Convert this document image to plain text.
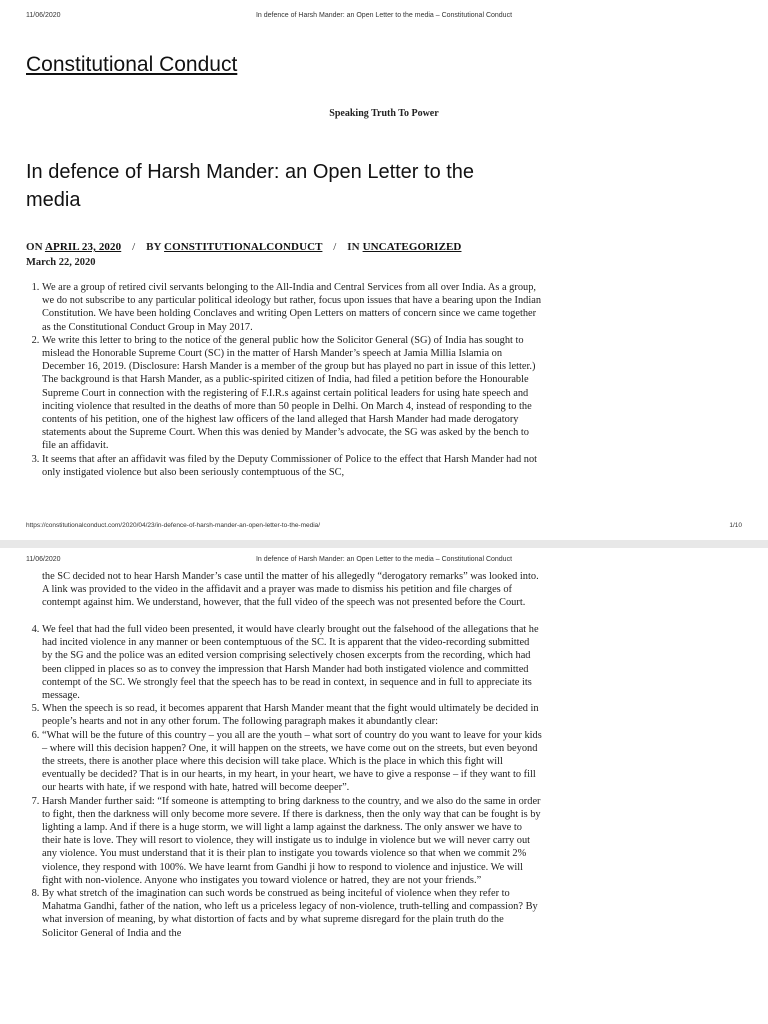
11/06/2020	In defence of Harsh Mander: an Open Letter to the media – Constitutional Conduct
Constitutional Conduct
Speaking Truth To Power
In defence of Harsh Mander: an Open Letter to the media
ON APRIL 23, 2020 / BY CONSTITUTIONALCONDUCT / IN UNCATEGORIZED
March 22, 2020
1. We are a group of retired civil servants belonging to the All-India and Central Services from all over India. As a group, we do not subscribe to any particular political ideology but rather, focus upon issues that have a bearing upon the Indian Constitution. We have been holding Conclaves and writing Open Letters on matters of concern since we came together as the Constitutional Conduct Group in May 2017.
2. We write this letter to bring to the notice of the general public how the Solicitor General (SG) of India has sought to mislead the Honorable Supreme Court (SC) in the matter of Harsh Mander’s speech at Jamia Millia Islamia on December 16, 2019. (Disclosure: Harsh Mander is a member of the group but has played no part in issue of this letter.) The background is that Harsh Mander, as a public-spirited citizen of India, had filed a petition before the Honourable Supreme Court in connection with the registering of F.I.R.s against certain political leaders for using hate speech and inciting violence that resulted in the deaths of more than 50 people in Delhi. On March 4, instead of responding to the contents of his petition, one of the highest law officers of the land alleged that Harsh Mander had made derogatory statements about the Supreme Court. When this was denied by Mander’s advocate, the SG was asked by the bench to file an affidavit.
3. It seems that after an affidavit was filed by the Deputy Commissioner of Police to the effect that Harsh Mander had not only instigated violence but also been seriously contemptuous of the SC,
https://constitutionalconduct.com/2020/04/23/in-defence-of-harsh-mander-an-open-letter-to-the-media/	1/10
11/06/2020	In defence of Harsh Mander: an Open Letter to the media – Constitutional Conduct

the SC decided not to hear Harsh Mander’s case until the matter of his allegedly “derogatory remarks” was looked into. A link was provided to the video in the affidavit and a prayer was made to dismiss his petition and file charges of contempt against him. We understand, however, that the full video of the speech was not presented before the Court.

4. We feel that had the full video been presented, it would have clearly brought out the falsehood of the allegations that he had incited violence in any manner or been contemptuous of the SC. It is apparent that the video-recording submitted by the SG and the police was an edited version comprising selectively chosen excerpts from the recording, which had been clipped in places so as to convey the impression that Harsh Mander had both instigated violence and committed contempt of the SC. We strongly feel that the speech has to be read in context, in sequence and in full to appreciate its message.
5. When the speech is so read, it becomes apparent that Harsh Mander meant that the fight would ultimately be decided in people’s hearts and not in any other forum. The following paragraph makes it abundantly clear:
6. “What will be the future of this country – you all are the youth – what sort of country do you want to leave for your kids – where will this decision happen? One, it will happen on the streets, we have come out on the streets, but even beyond the streets, there is another place where this decision will take place. Which is the place in which this fight will eventually be decided? That is in our hearts, in my heart, in your heart, we have to give a response – if they want to fill our hearts with hate, if we respond with hate, hatred will become deeper”.
7. Harsh Mander further said: “If someone is attempting to bring darkness to the country, and we also do the same in order to fight, then the darkness will only become more severe. If there is darkness, then the only way that can be fought is by lighting a lamp. And if there is a huge storm, we will light a lamp against the darkness. The only answer we have to their hate is love. They will resort to violence, they will instigate us to indulge in violence but we will never carry out any violence. You must understand that it is their plan to instigate you towards violence so that when we commit 2% violence, they respond with 100%. We have learnt from Gandhi ji how to respond to violence and injustice. We will fight with non-violence. Anyone who instigates you toward violence or hatred, they are not your friends.”
8. By what stretch of the imagination can such words be construed as being inciteful of violence when they refer to Mahatma Gandhi, father of the nation, who left us a priceless legacy of non-violence, truth-telling and compassion? By what inversion of meaning, by what distortion of facts and by what supreme disregard for the plain truth do the Solicitor General of India and the
